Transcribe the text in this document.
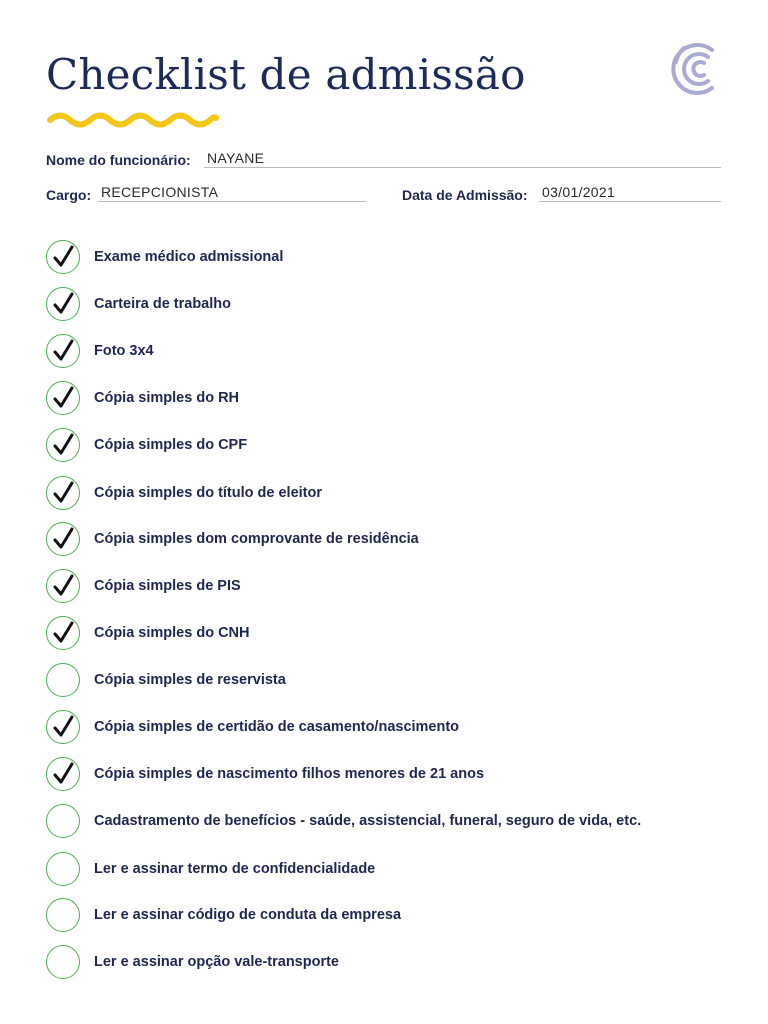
Checklist de admissão
Nome do funcionário: NAYANE
Cargo: RECEPCIONISTA	Data de Admissão: 03/01/2021
Exame médico admissional
Carteira de trabalho
Foto 3x4
Cópia simples do RH
Cópia simples do CPF
Cópia simples do título de eleitor
Cópia simples dom comprovante de residência
Cópia simples de PIS
Cópia simples do CNH
Cópia simples de reservista
Cópia simples de certidão de casamento/nascimento
Cópia simples de nascimento filhos menores de 21 anos
Cadastramento de benefícios - saúde, assistencial, funeral, seguro de vida, etc.
Ler e assinar termo de confidencialidade
Ler e assinar código de conduta da empresa
Ler e assinar opção vale-transporte
